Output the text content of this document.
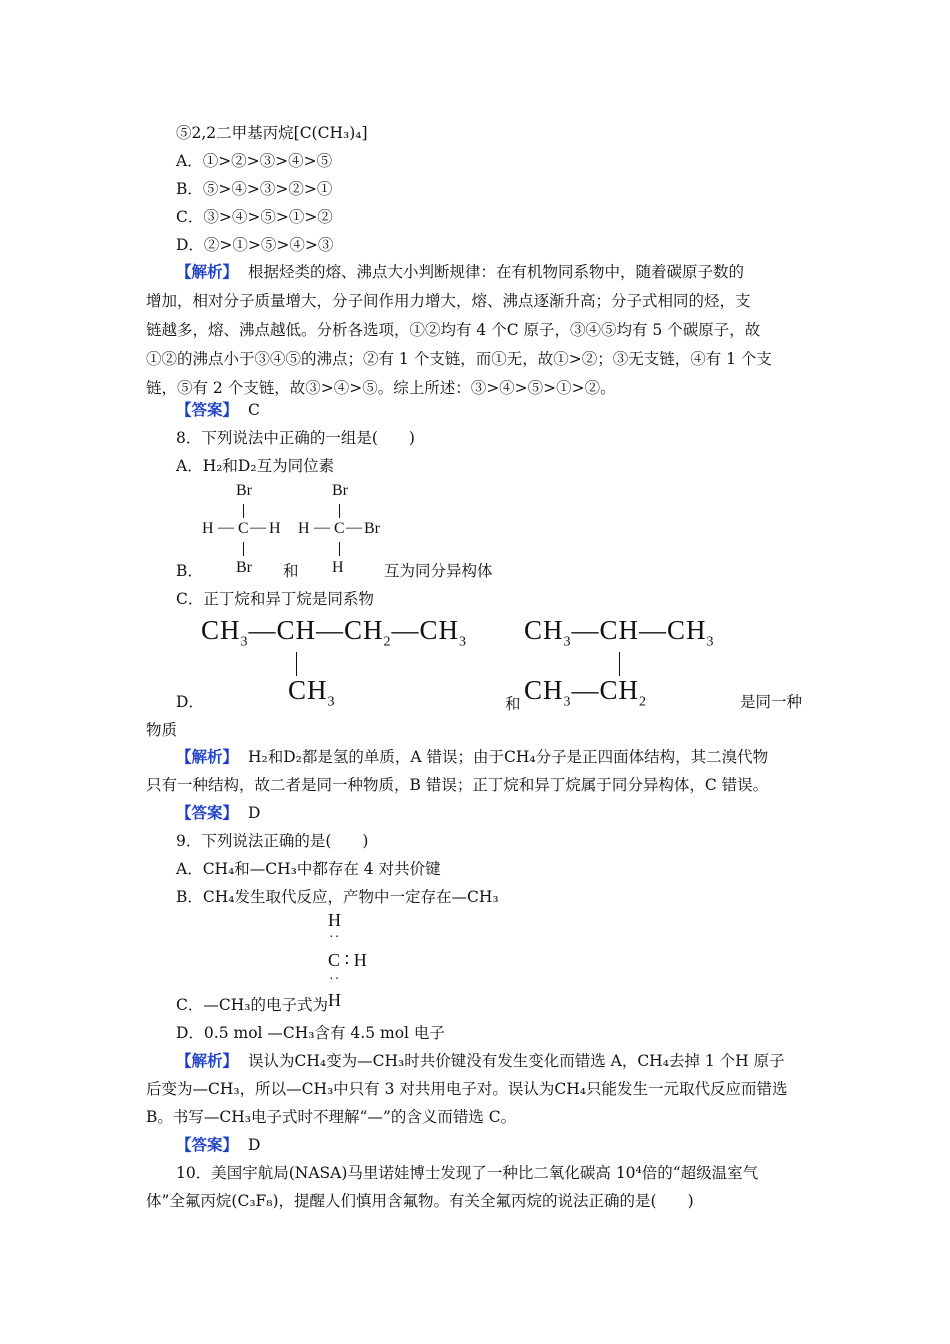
⑤2,2二甲基丙烷[C(CH₃)₄]
A．①>②>③>④>⑤
B．⑤>④>③>②>①
C．③>④>⑤>①>②
D．②>①>⑤>④>③
【解析】 根据烃类的熔、沸点大小判断规律：在有机物同系物中，随着碳原子数的
增加，相对分子质量增大，分子间作用力增大，熔、沸点逐渐升高；分子式相同的烃，支
链越多，熔、沸点越低。分析各选项，①②均有 4 个C 原子，③④⑤均有 5 个碳原子，故
①②的沸点小于③④⑤的沸点；②有 1 个支链，而①无，故①>②；③无支链，④有 1 个支
链，⑤有 2 个支链，故③>④>⑤。综上所述：③>④>⑤>①>②。
【答案】 C
8．下列说法中正确的一组是(　　)
A．H₂和D₂互为同位素
Br
H — C — H
Br
H — C — Br
B．	Br 和 H	互为同分异构体
C．正丁烷和异丁烷是同系物
$CH_3—CH—CH_2—CH_3$
$CH_3$
$CH_3—CH—CH_3$
$CH_3—CH_2$
D．	和	是同一种
物质
【解析】 H₂和D₂都是氢的单质，A 错误；由于CH₄分子是正四面体结构，其二溴代物
只有一种结构，故二者是同一种物质，B 错误；正丁烷和异丁烷属于同分异构体，C 错误。
【答案】 D
9．下列说法正确的是(　　)
A．CH₄和—CH₃中都存在 4 对共价键
B．CH₄发生取代反应，产物中一定存在—CH₃
H
··
C ∶ H
··
H
C．—CH₃的电子式为
D．0.5 mol —CH₃含有 4.5 mol 电子
【解析】 误认为CH₄变为—CH₃时共价键没有发生变化而错选 A，CH₄去掉 1 个H 原子
后变为—CH₃，所以—CH₃中只有 3 对共用电子对。误认为CH₄只能发生一元取代反应而错选
B。书写—CH₃电子式时不理解“—”的含义而错选 C。
【答案】 D
10．美国宇航局(NASA)马里诺娃博士发现了一种比二氧化碳高 10⁴倍的“超级温室气
体”全氟丙烷(C₃F₈)，提醒人们慎用含氟物。有关全氟丙烷的说法正确的是(　　)
